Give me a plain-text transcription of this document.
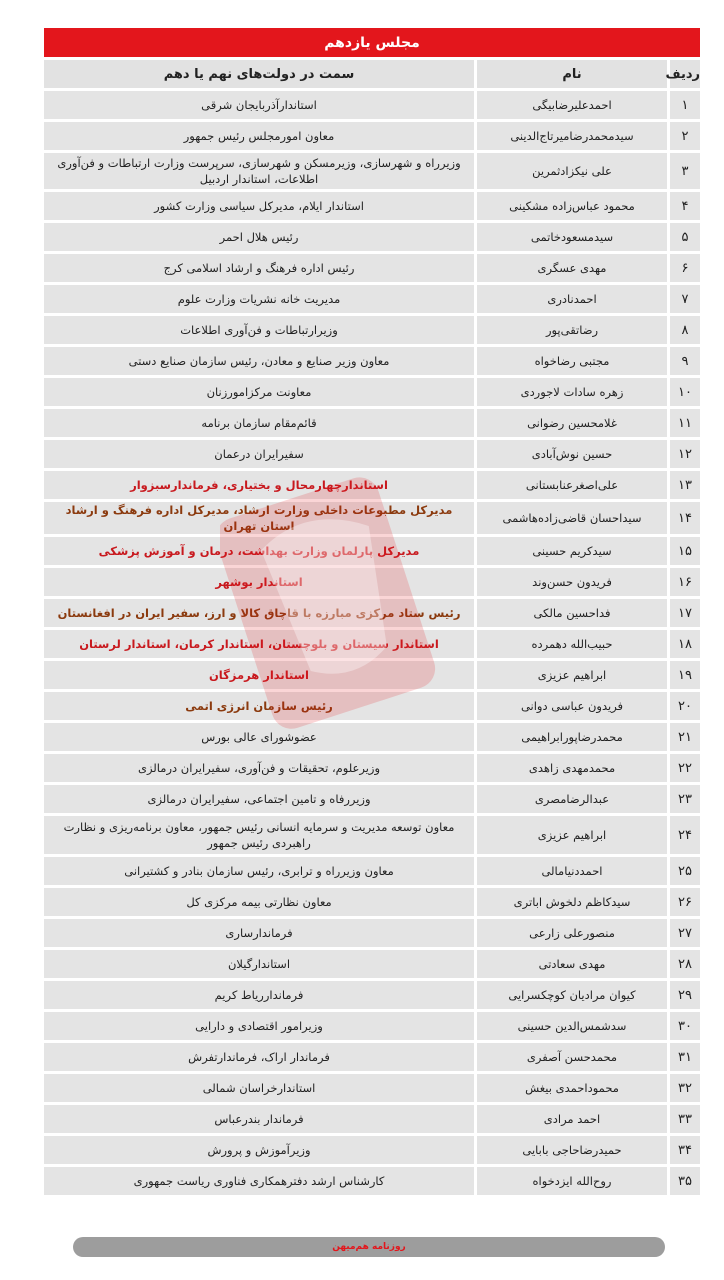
مجلس یازدهم
ردیف	نام	سمت در دولت‌های نهم یا دهم
۱	احمدعلیرضابیگی	استاندارآذربایجان شرقی
۲	سیدمحمدرضامیرتاج‌الدینی	معاون امورمجلس رئیس جمهور
۳	علی نیکزادثمرین	وزیرراه و شهرسازی، وزیرمسکن و شهرسازی، سرپرست وزارت ارتباطات و فن‌آوری اطلاعات، استاندار اردبیل
۴	محمود عباس‌زاده مشکینی	استاندار ایلام، مدیرکل سیاسی وزارت کشور
۵	سیدمسعودخاتمی	رئیس هلال احمر
۶	مهدی عسگری	رئیس اداره فرهنگ و ارشاد اسلامی کرج
۷	احمدنادری	مدیریت خانه نشریات وزارت علوم
۸	رضاتقی‌پور	وزیرارتباطات و فن‌آوری اطلاعات
۹	مجتبی رضاخواه	معاون وزیر صنایع و معادن، رئیس سازمان صنایع دستی
۱۰	زهره سادات لاجوردی	معاونت مرکزامورزنان
۱۱	غلامحسین رضوانی	قائم‌مقام سازمان برنامه
۱۲	حسین نوش‌آبادی	سفیرایران درعمان
۱۳	علی‌اصغرعنابستانی	استاندارچهارمحال و بختیاری، فرماندارسبزوار
۱۴	سیداحسان قاضی‌زاده‌هاشمی	مدیرکل مطبوعات داخلی وزارت ارشاد، مدیرکل اداره فرهنگ و ارشاد استان تهران
۱۵	سیدکریم حسینی	مدیرکل پارلمان وزارت بهداشت، درمان و آموزش پزشکی
۱۶	فریدون حسن‌وند	استاندار بوشهر
۱۷	فداحسین مالکی	رئیس ستاد مرکزی مبارزه با قاچاق کالا و ارز، سفیر ایران در افغانستان
۱۸	حبیب‌الله دهمرده	استاندار سیستان و بلوچستان، استاندار کرمان، استاندار لرستان
۱۹	ابراهیم عزیزی	استاندار هرمزگان
۲۰	فریدون عباسی دوانی	رئیس سازمان انرژی اتمی
۲۱	محمدرضاپورابراهیمی	عضوشورای عالی بورس
۲۲	محمدمهدی زاهدی	وزیرعلوم، تحقیقات و فن‌آوری، سفیرایران درمالزی
۲۳	عبدالرضامصری	وزیررفاه و تامین اجتماعی، سفیرایران درمالزی
۲۴	ابراهیم عزیزی	معاون توسعه مدیریت و سرمایه انسانی رئیس جمهور، معاون برنامه‌ریزی و نظارت راهبردی رئیس جمهور
۲۵	احمددنیامالی	معاون وزیرراه و ترابری، رئیس سازمان بنادر و کشتیرانی
۲۶	سیدکاظم دلخوش اباتری	معاون نظارتی بیمه مرکزی کل
۲۷	منصورعلی زارعی	فرماندارساری
۲۸	مهدی سعادتی	استاندارگیلان
۲۹	کیوان مرادیان کوچکسرایی	فرماندارریاط کریم
۳۰	سدشمس‌الدین حسینی	وزیرامور اقتصادی و دارایی
۳۱	محمدحسن آصفری	فرماندار اراک، فرماندارتفرش
۳۲	محموداحمدی بیغش	استاندارخراسان شمالی
۳۳	احمد مرادی	فرماندار بندرعباس
۳۴	حمیدرضاحاجی بابایی	وزیرآموزش و پرورش
۳۵	روح‌الله ایزدخواه	کارشناس ارشد دفترهمکاری فناوری ریاست جمهوری
روزنامه هم‌میهن
